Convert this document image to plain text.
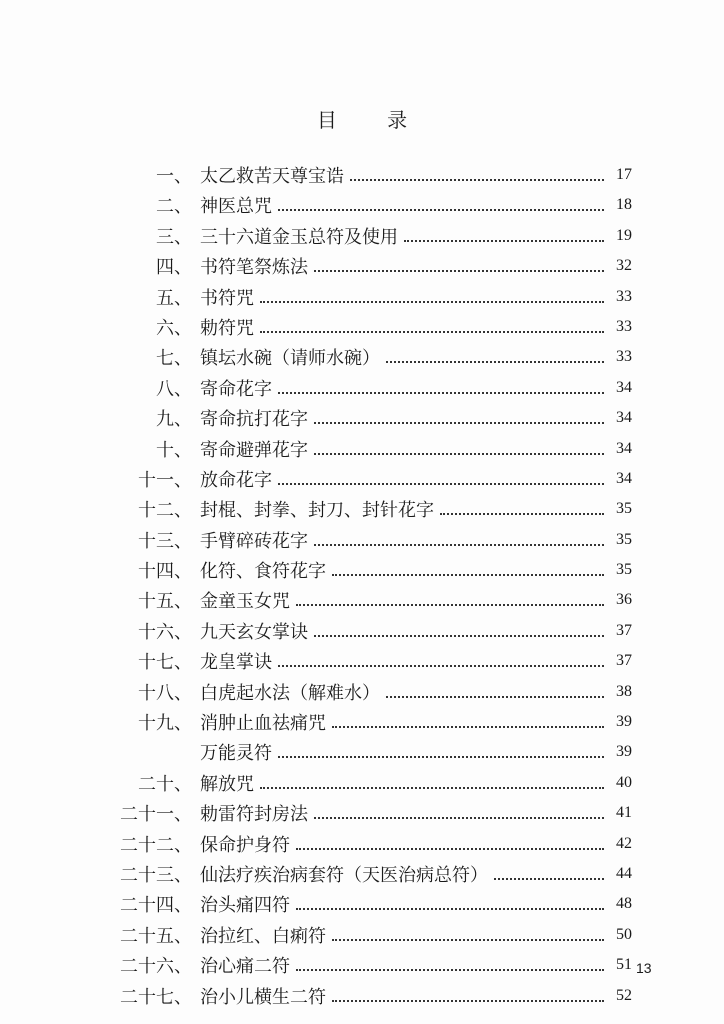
目 录
一、 太乙救苦天尊宝诰	17
二、 神医总咒	18
三、 三十六道金玉总符及使用	19
四、 书符笔祭炼法	32
五、 书符咒	33
六、 勅符咒	33
七、 镇坛水碗（请师水碗）	33
八、 寄命花字	34
九、 寄命抗打花字	34
十、 寄命避弹花字	34
十一、 放命花字	34
十二、 封棍、封拳、封刀、封针花字	35
十三、 手臂碎砖花字	35
十四、 化符、食符花字	35
十五、 金童玉女咒	36
十六、 九天玄女掌诀	37
十七、 龙皇掌诀	37
十八、 白虎起水法（解难水）	38
十九、 消肿止血祛痛咒	39
万能灵符	39
二十、 解放咒	40
二十一、 勅雷符封房法	41
二十二、 保命护身符	42
二十三、 仙法疗疾治病套符（天医治病总符）	44
二十四、 治头痛四符	48
二十五、 治拉红、白痢符	50
二十六、 治心痛二符	51
二十七、 治小儿横生二符	52
13
